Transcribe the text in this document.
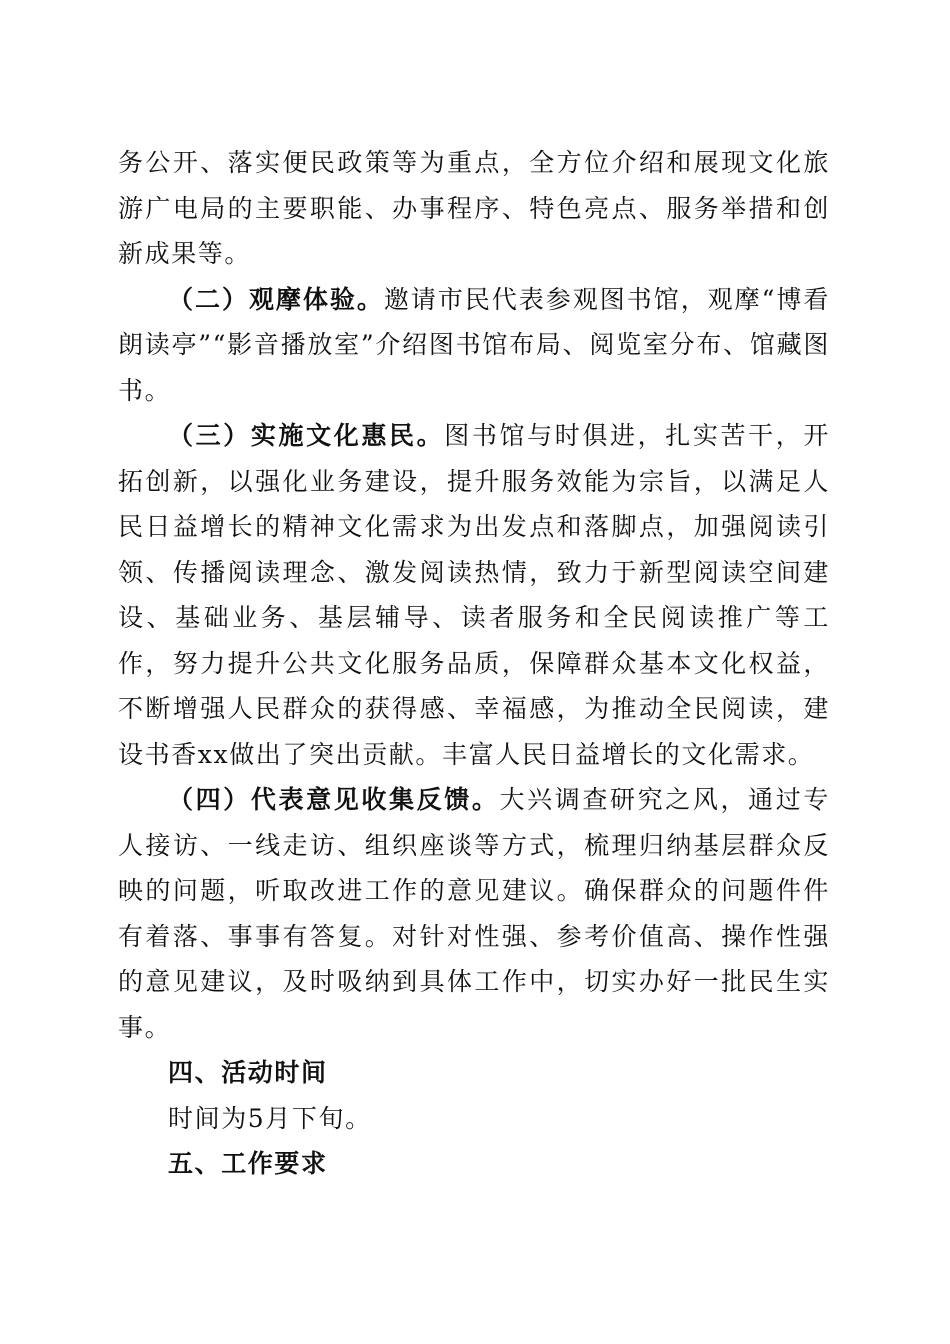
务公开、落实便民政策等为重点，全方位介绍和展现文化旅游广电局的主要职能、办事程序、特色亮点、服务举措和创新成果等。

（二）观摩体验。邀请市民代表参观图书馆，观摩“博看朗读亭”“影音播放室”介绍图书馆布局、阅览室分布、馆藏图书。

（三）实施文化惠民。图书馆与时俱进，扎实苦干，开拓创新，以强化业务建设，提升服务效能为宗旨，以满足人民日益增长的精神文化需求为出发点和落脚点，加强阅读引领、传播阅读理念、激发阅读热情，致力于新型阅读空间建设、基础业务、基层辅导、读者服务和全民阅读推广等工作，努力提升公共文化服务品质，保障群众基本文化权益，不断增强人民群众的获得感、幸福感，为推动全民阅读，建设书香xx做出了突出贡献。丰富人民日益增长的文化需求。

（四）代表意见收集反馈。大兴调查研究之风，通过专人接访、一线走访、组织座谈等方式，梳理归纳基层群众反映的问题，听取改进工作的意见建议。确保群众的问题件件有着落、事事有答复。对针对性强、参考价值高、操作性强的意见建议，及时吸纳到具体工作中，切实办好一批民生实事。

四、活动时间

时间为5月下旬。

五、工作要求
